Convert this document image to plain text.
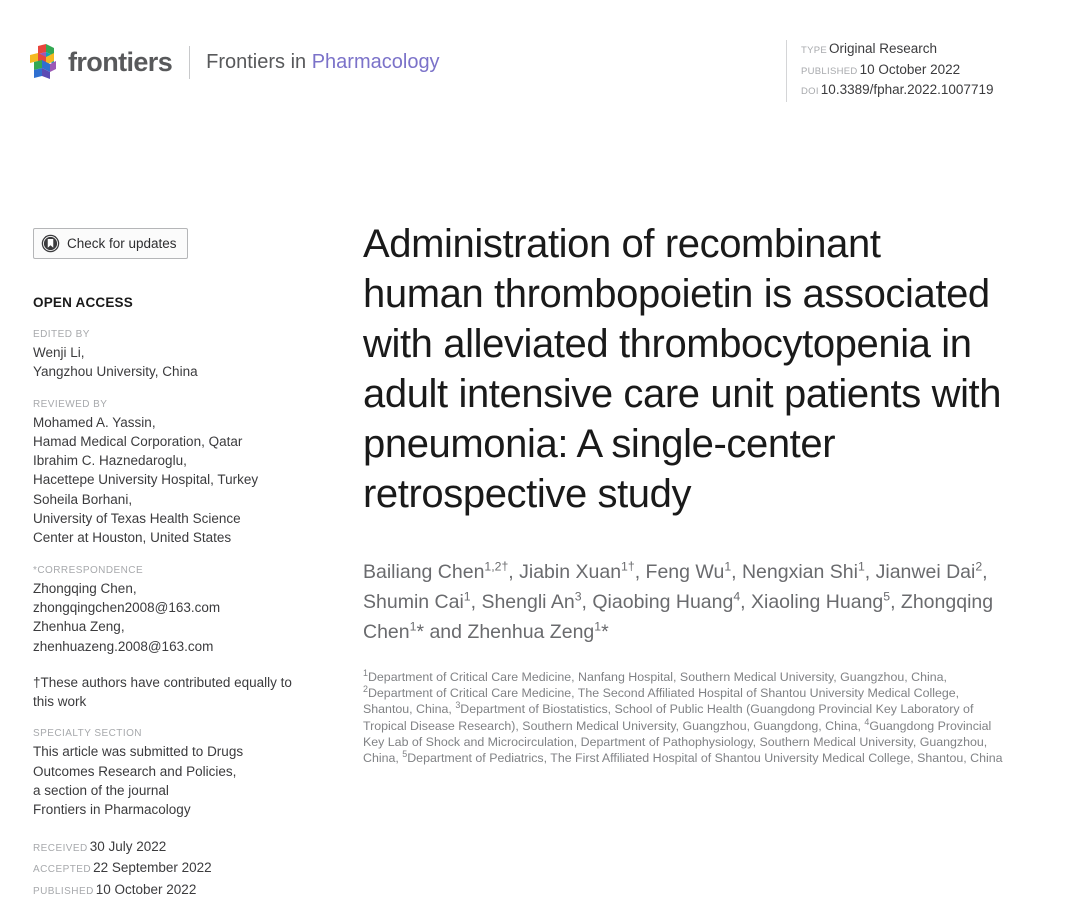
frontiers Frontiers in Pharmacology
TYPE Original Research
PUBLISHED 10 October 2022
DOI 10.3389/fphar.2022.1007719
Check for updates
OPEN ACCESS
EDITED BY
Wenji Li,
Yangzhou University, China
REVIEWED BY
Mohamed A. Yassin,
Hamad Medical Corporation, Qatar
Ibrahim C. Haznedaroglu,
Hacettepe University Hospital, Turkey
Soheila Borhani,
University of Texas Health Science
Center at Houston, United States
*CORRESPONDENCE
Zhongqing Chen,
zhongqingchen2008@163.com
Zhenhua Zeng,
zhenhuazeng.2008@163.com
†These authors have contributed equally to this work
SPECIALTY SECTION
This article was submitted to Drugs
Outcomes Research and Policies,
a section of the journal
Frontiers in Pharmacology
RECEIVED 30 July 2022
ACCEPTED 22 September 2022
PUBLISHED 10 October 2022
Administration of recombinant human thrombopoietin is associated with alleviated thrombocytopenia in adult intensive care unit patients with pneumonia: A single-center retrospective study
Bailiang Chen$^{1,2\dagger}$, Jiabin Xuan$^{1\dagger}$, Feng Wu$^1$, Nengxian Shi$^1$, Jianwei Dai$^2$, Shumin Cai$^1$, Shengli An$^3$, Qiaobing Huang$^4$, Xiaoling Huang$^5$, Zhongqing Chen$^1$* and Zhenhua Zeng$^1$*
$^1$Department of Critical Care Medicine, Nanfang Hospital, Southern Medical University, Guangzhou, China, $^2$Department of Critical Care Medicine, The Second Affiliated Hospital of Shantou University Medical College, Shantou, China, $^3$Department of Biostatistics, School of Public Health (Guangdong Provincial Key Laboratory of Tropical Disease Research), Southern Medical University, Guangzhou, Guangdong, China, $^4$Guangdong Provincial Key Lab of Shock and Microcirculation, Department of Pathophysiology, Southern Medical University, Guangzhou, China, $^5$Department of Pediatrics, The First Affiliated Hospital of Shantou University Medical College, Shantou, China
